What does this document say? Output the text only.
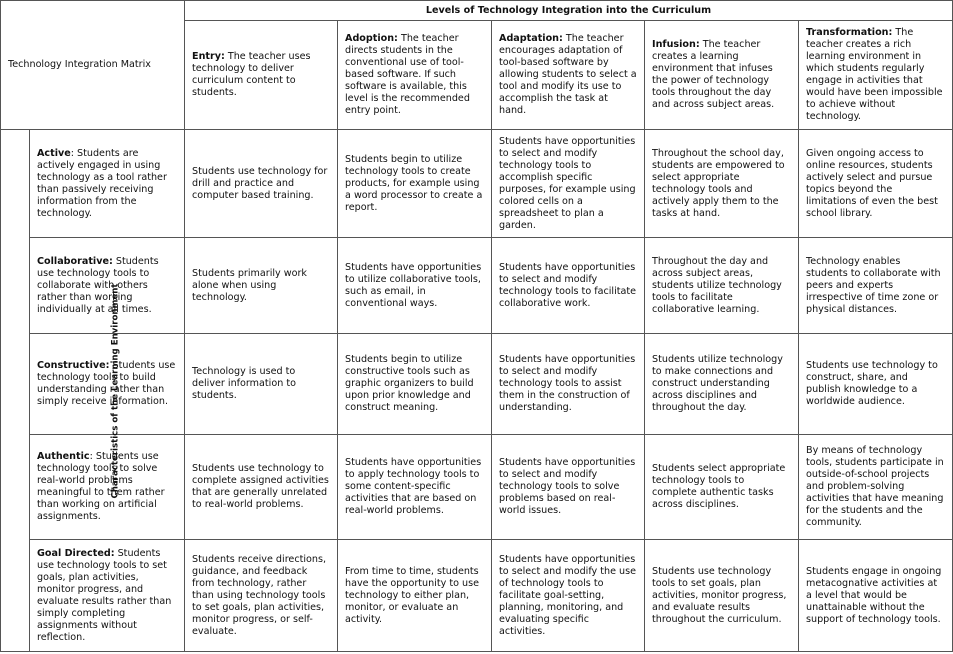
Technology Integration Matrix		Levels of Technology Integration into the Curriculum				
		Entry: The teacher uses technology to deliver curriculum content to students.	Adoption: The teacher directs students in the conventional use of tool-based software. If such software is available, this level is the recommended entry point.	Adaptation: The teacher encourages adaptation of tool-based software by allowing students to select a tool and modify its use to accomplish the task at hand.	Infusion: The teacher creates a learning environment that infuses the power of technology tools throughout the day and across subject areas.	Transformation: The teacher creates a rich learning environment in which students regularly engage in activities that would have been impossible to achieve without technology.
Characteristics of the Learning Environment	Active: Students are actively engaged in using technology as a tool rather than passively receiving information from the technology.	Students use technology for drill and practice and computer based training.	Students begin to utilize technology tools to create products, for example using a word processor to create a report.	Students have opportunities to select and modify technology tools to accomplish specific purposes, for example using colored cells on a spreadsheet to plan a garden.	Throughout the school day, students are empowered to select appropriate technology tools and actively apply them to the tasks at hand.	Given ongoing access to online resources, students actively select and pursue topics beyond the limitations of even the best school library.
	Collaborative: Students use technology tools to collaborate with others rather than working individually at all times.	Students primarily work alone when using technology.	Students have opportunities to utilize collaborative tools, such as email, in conventional ways.	Students have opportunities to select and modify technology tools to facilitate collaborative work.	Throughout the day and across subject areas, students utilize technology tools to facilitate collaborative learning.	Technology enables students to collaborate with peers and experts irrespective of time zone or physical distances.
	Constructive: Students use technology tools to build understanding rather than simply receive information.	Technology is used to deliver information to students.	Students begin to utilize constructive tools such as graphic organizers to build upon prior knowledge and construct meaning.	Students have opportunities to select and modify technology tools to assist them in the construction of understanding.	Students utilize technology to make connections and construct understanding across disciplines and throughout the day.	Students use technology to construct, share, and publish knowledge to a worldwide audience.
	Authentic: Students use technology tools to solve real-world problems meaningful to them rather than working on artificial assignments.	Students use technology to complete assigned activities that are generally unrelated to real-world problems.	Students have opportunities to apply technology tools to some content-specific activities that are based on real-world problems.	Students have opportunities to select and modify technology tools to solve problems based on real-world issues.	Students select appropriate technology tools to complete authentic tasks across disciplines.	By means of technology tools, students participate in outside-of-school projects and problem-solving activities that have meaning for the students and the community.
	Goal Directed: Students use technology tools to set goals, plan activities, monitor progress, and evaluate results rather than simply completing assignments without reflection.	Students receive directions, guidance, and feedback from technology, rather than using technology tools to set goals, plan activities, monitor progress, or self-evaluate.	From time to time, students have the opportunity to use technology to either plan, monitor, or evaluate an activity.	Students have opportunities to select and modify the use of technology tools to facilitate goal-setting, planning, monitoring, and evaluating specific activities.	Students use technology tools to set goals, plan activities, monitor progress, and evaluate results throughout the curriculum.	Students engage in ongoing metacognative activities at a level that would be unattainable without the support of technology tools.
